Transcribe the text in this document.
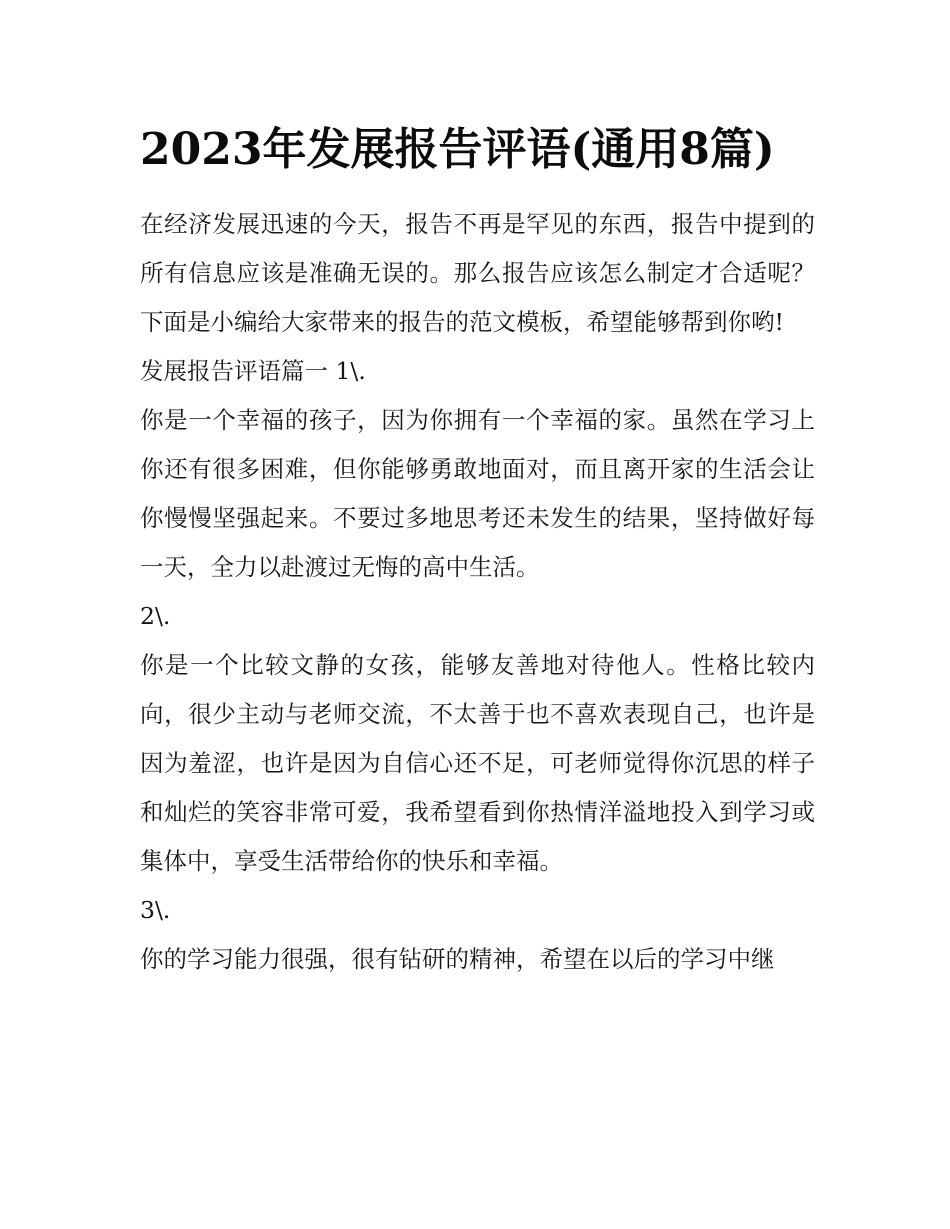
2023年发展报告评语(通用8篇)

在经济发展迅速的今天，报告不再是罕见的东西，报告中提到的所有信息应该是准确无误的。那么报告应该怎么制定才合适呢？下面是小编给大家带来的报告的范文模板，希望能够帮到你哟!

发展报告评语篇一 1\.

你是一个幸福的孩子，因为你拥有一个幸福的家。虽然在学习上你还有很多困难，但你能够勇敢地面对，而且离开家的生活会让你慢慢坚强起来。不要过多地思考还未发生的结果，坚持做好每一天，全力以赴渡过无悔的高中生活。

2\.

你是一个比较文静的女孩，能够友善地对待他人。性格比较内向，很少主动与老师交流，不太善于也不喜欢表现自己，也许是因为羞涩，也许是因为自信心还不足，可老师觉得你沉思的样子和灿烂的笑容非常可爱，我希望看到你热情洋溢地投入到学习或集体中，享受生活带给你的快乐和幸福。

3\.

你的学习能力很强，很有钻研的精神，希望在以后的学习中继
